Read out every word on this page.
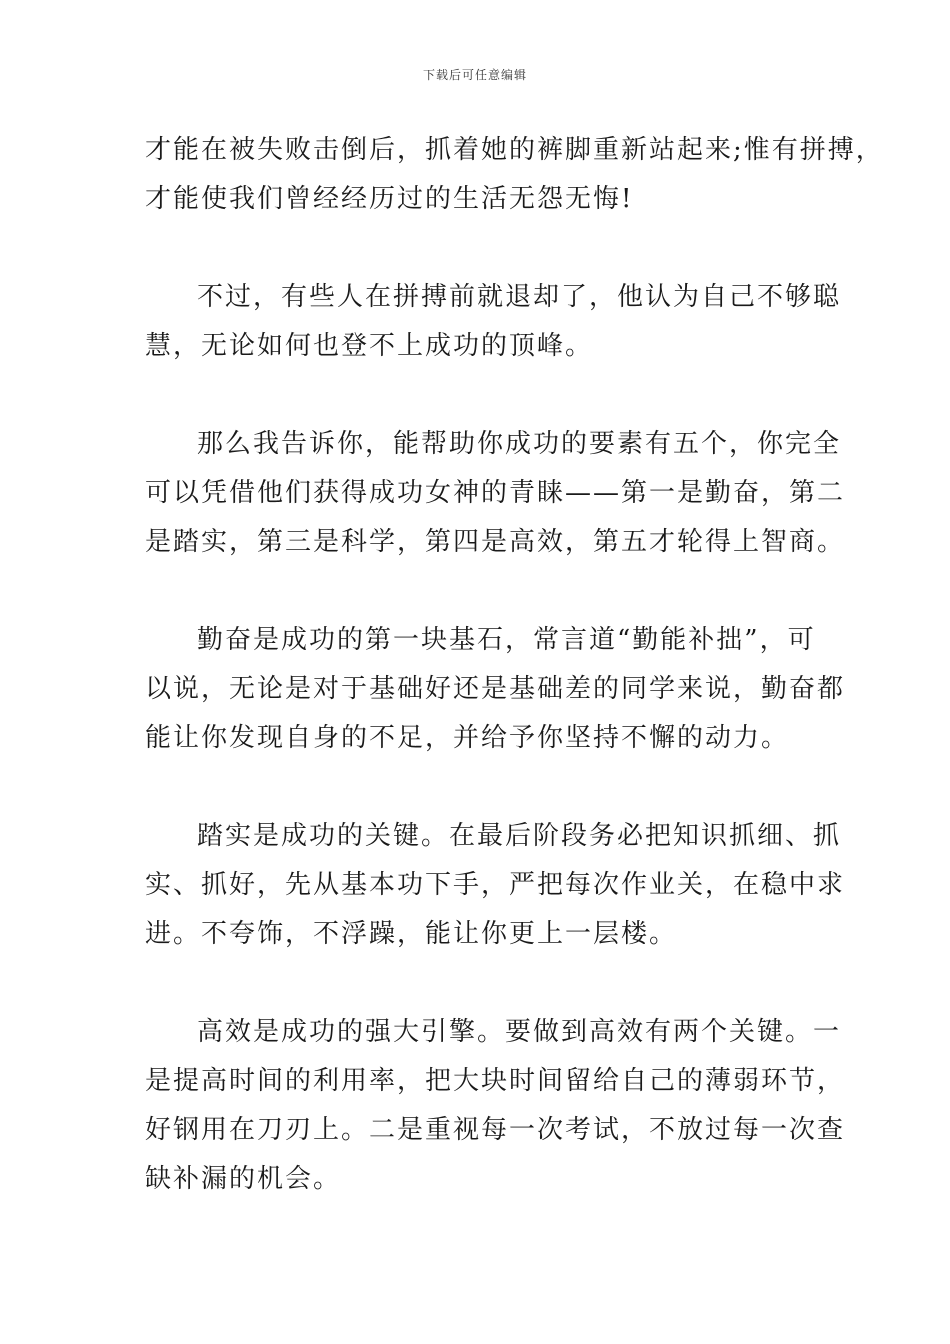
下载后可任意编辑

才能在被失败击倒后，抓着她的裤脚重新站起来;惟有拼搏，
才能使我们曾经经历过的生活无怨无悔!

不过，有些人在拼搏前就退却了，他认为自己不够聪
慧，无论如何也登不上成功的顶峰。

那么我告诉你，能帮助你成功的要素有五个，你完全
可以凭借他们获得成功女神的青睐——第一是勤奋，第二
是踏实，第三是科学，第四是高效，第五才轮得上智商。

勤奋是成功的第一块基石，常言道“勤能补拙”，可
以说，无论是对于基础好还是基础差的同学来说，勤奋都
能让你发现自身的不足，并给予你坚持不懈的动力。

踏实是成功的关键。在最后阶段务必把知识抓细、抓
实、抓好，先从基本功下手，严把每次作业关，在稳中求
进。不夸饰，不浮躁，能让你更上一层楼。

高效是成功的强大引擎。要做到高效有两个关键。一
是提高时间的利用率，把大块时间留给自己的薄弱环节，
好钢用在刀刃上。二是重视每一次考试，不放过每一次查
缺补漏的机会。
